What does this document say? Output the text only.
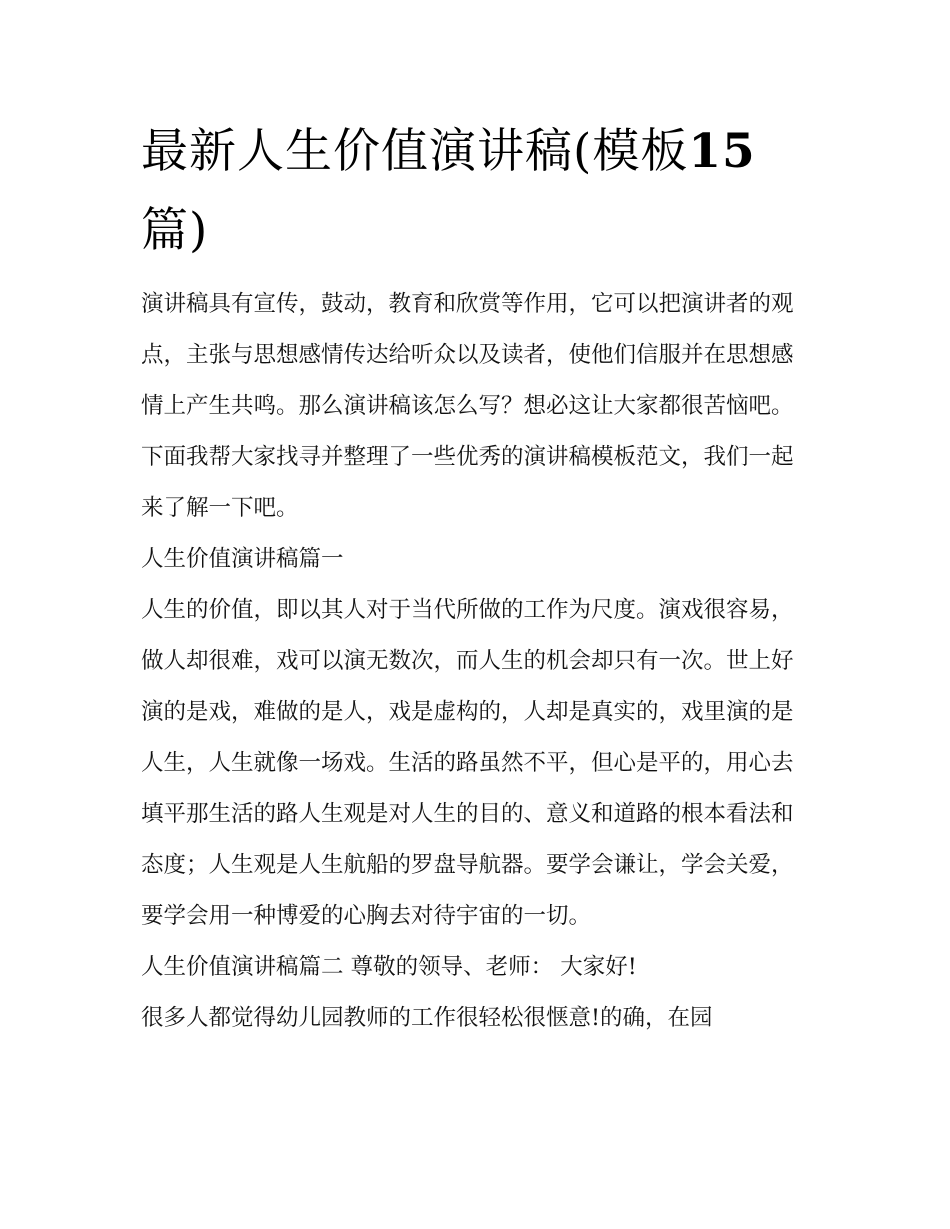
最新人生价值演讲稿(模板15篇)

演讲稿具有宣传，鼓动，教育和欣赏等作用，它可以把演讲者的观点，主张与思想感情传达给听众以及读者，使他们信服并在思想感情上产生共鸣。那么演讲稿该怎么写？想必这让大家都很苦恼吧。下面我帮大家找寻并整理了一些优秀的演讲稿模板范文，我们一起来了解一下吧。

人生价值演讲稿篇一

人生的价值，即以其人对于当代所做的工作为尺度。演戏很容易，做人却很难，戏可以演无数次，而人生的机会却只有一次。世上好演的是戏，难做的是人，戏是虚构的，人却是真实的，戏里演的是人生，人生就像一场戏。生活的路虽然不平，但心是平的，用心去填平那生活的路人生观是对人生的目的、意义和道路的根本看法和态度；人生观是人生航船的罗盘导航器。要学会谦让，学会关爱，要学会用一种博爱的心胸去对待宇宙的一切。

人生价值演讲稿篇二 尊敬的领导、老师： 大家好!

很多人都觉得幼儿园教师的工作很轻松很惬意!的确，在园
